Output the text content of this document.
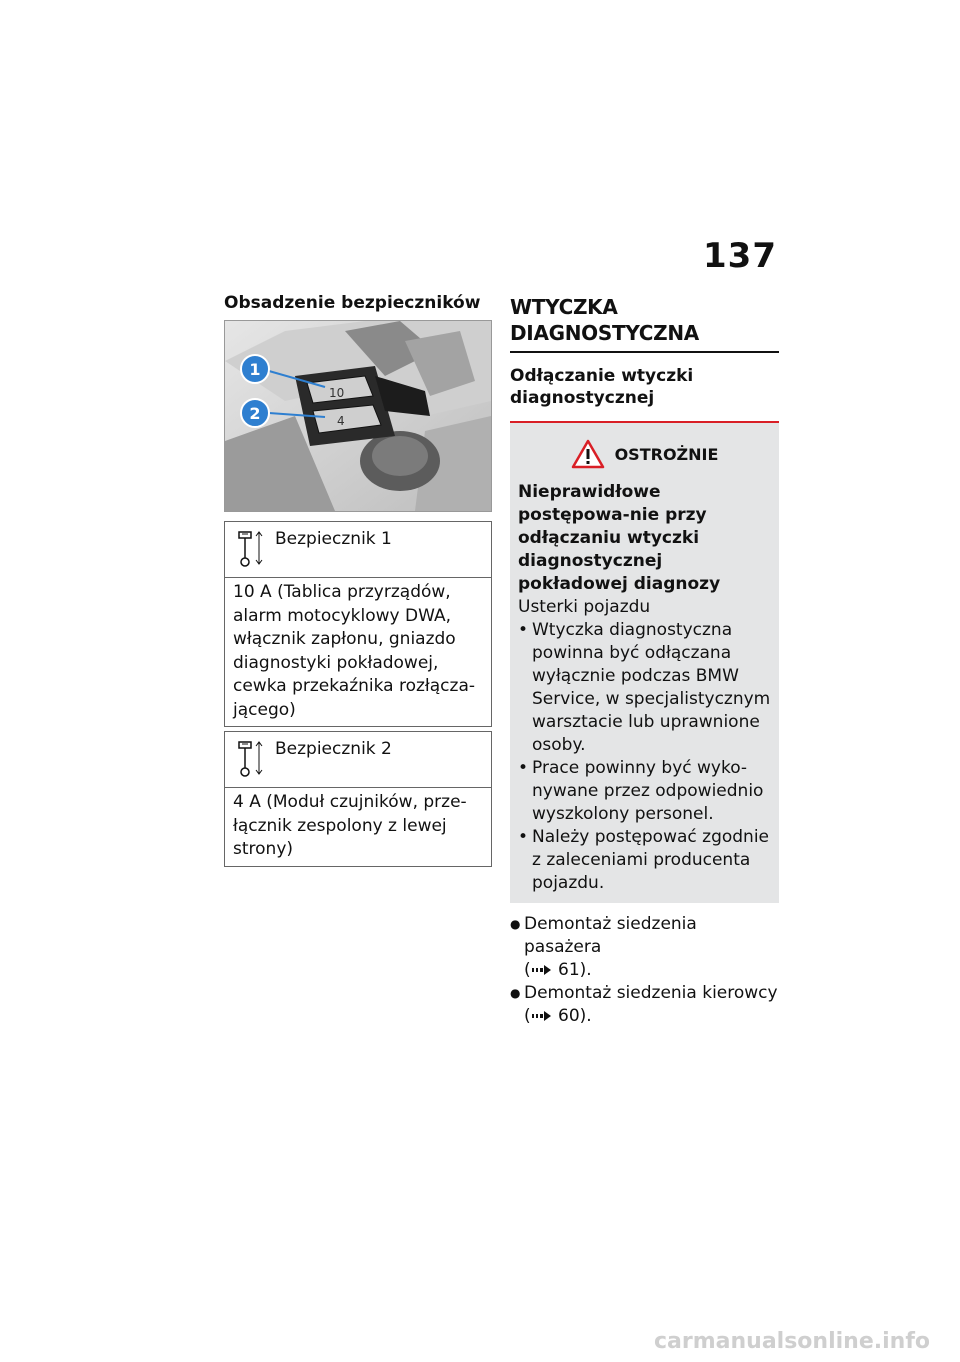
137
Obsadzenie bezpieczników
10
4
1
2
Bezpiecznik 1
10 A (Tablica przyrządów, alarm motocyklowy DWA, włącznik zapłonu, gniazdo diagnostyki pokładowej, cewka przekaźnika rozłącza-jącego)
Bezpiecznik 2
4 A (Moduł czujników, prze-łącznik zespolony z lewej strony)
WTYCZKA DIAGNOSTYCZNA
Odłączanie wtyczki diagnostycznej
OSTROŻNIE
Nieprawidłowe postępowa-nie przy odłączaniu wtyczki diagnostycznej pokładowej diagnozy
Usterki pojazdu
• Wtyczka diagnostyczna powinna być odłączana wyłącznie podczas BMW Service, w specjalistycznym warsztacie lub uprawnione osoby.
• Prace powinny być wyko-nywane przez odpowiednio wyszkolony personel.
• Należy postępować zgodnie z zaleceniami producenta pojazdu.
● Demontaż siedzenia pasażera
( 61).
● Demontaż siedzenia kierowcy
( 60).
carmanualsonline.info
